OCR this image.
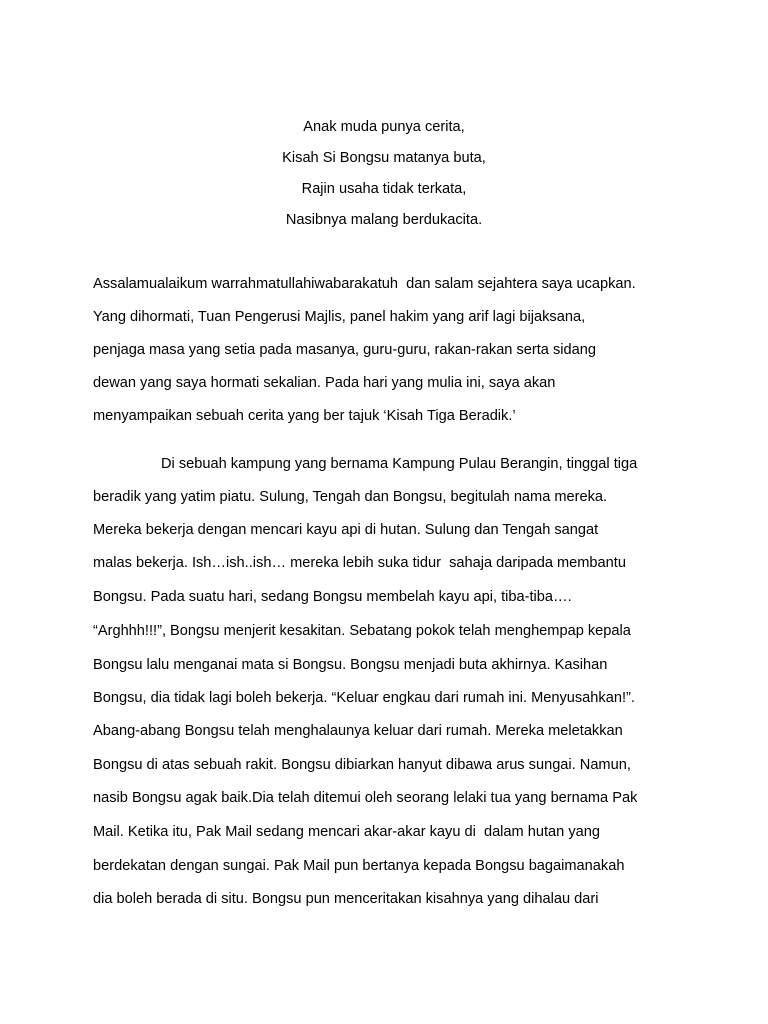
Anak muda punya cerita,
Kisah Si Bongsu matanya buta,
Rajin usaha tidak terkata,
Nasibnya malang berdukacita.
Assalamualaikum warrahmatullahiwabarakatuh  dan salam sejahtera saya ucapkan.
Yang dihormati, Tuan Pengerusi Majlis, panel hakim yang arif lagi bijaksana,
penjaga masa yang setia pada masanya, guru-guru, rakan-rakan serta sidang
dewan yang saya hormati sekalian. Pada hari yang mulia ini, saya akan
menyampaikan sebuah cerita yang ber tajuk ‘Kisah Tiga Beradik.’
Di sebuah kampung yang bernama Kampung Pulau Berangin, tinggal tiga
beradik yang yatim piatu. Sulung, Tengah dan Bongsu, begitulah nama mereka.
Mereka bekerja dengan mencari kayu api di hutan. Sulung dan Tengah sangat
malas bekerja. Ish…ish..ish… mereka lebih suka tidur  sahaja daripada membantu
Bongsu. Pada suatu hari, sedang Bongsu membelah kayu api, tiba-tiba….
“Arghhh!!!”, Bongsu menjerit kesakitan. Sebatang pokok telah menghempap kepala
Bongsu lalu menganai mata si Bongsu. Bongsu menjadi buta akhirnya. Kasihan
Bongsu, dia tidak lagi boleh bekerja. “Keluar engkau dari rumah ini. Menyusahkan!”.
Abang-abang Bongsu telah menghalaunya keluar dari rumah. Mereka meletakkan
Bongsu di atas sebuah rakit. Bongsu dibiarkan hanyut dibawa arus sungai. Namun,
nasib Bongsu agak baik.Dia telah ditemui oleh seorang lelaki tua yang bernama Pak
Mail. Ketika itu, Pak Mail sedang mencari akar-akar kayu di  dalam hutan yang
berdekatan dengan sungai. Pak Mail pun bertanya kepada Bongsu bagaimanakah
dia boleh berada di situ. Bongsu pun menceritakan kisahnya yang dihalau dari
